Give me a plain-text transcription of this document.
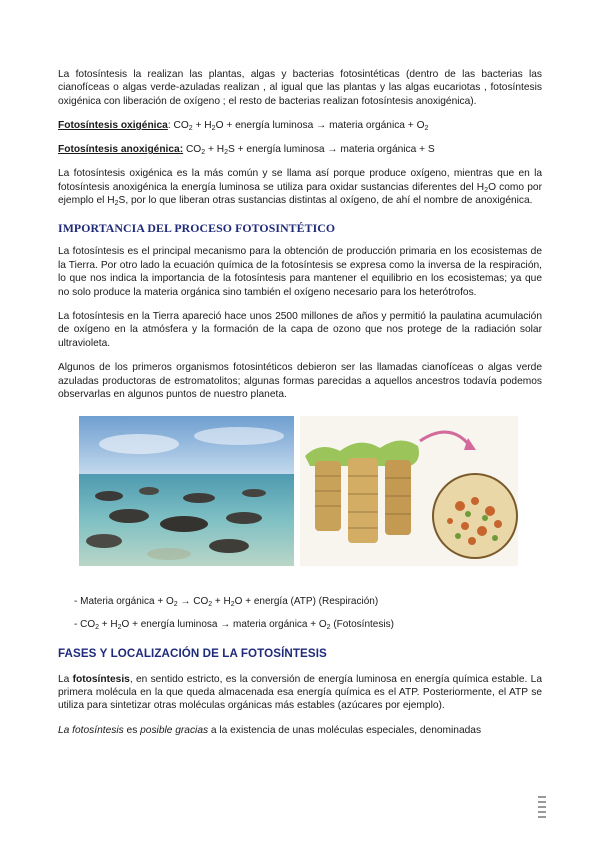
La fotosíntesis la realizan las plantas, algas y bacterias fotosintéticas (dentro de las bacterias las cianofíceas o algas verde-azuladas realizan , al igual que las plantas y las algas eucariotas , fotosíntesis oxigénica con liberación de oxígeno ; el resto de bacterias realizan fotosíntesis anoxigénica).

Fotosíntesis oxigénica: $CO_2 + H_2O$ + energía luminosa → materia orgánica + $O_2$
Fotosíntesis anoxigénica: $CO_2 + H_2S$ + energía luminosa → materia orgánica + S

La fotosíntesis oxigénica es la más común y se llama así porque produce oxígeno, mientras que en la fotosíntesis anoxigénica la energía luminosa se utiliza para oxidar sustancias diferentes del $H_2O$ como por ejemplo el $H_2S$, por lo que liberan otras sustancias distintas al oxígeno, de ahí el nombre de anoxigénica.

IMPORTANCIA DEL PROCESO FOTOSINTÉTICO

La fotosíntesis es el principal mecanismo para la obtención de producción primaria en los ecosistemas de la Tierra. Por otro lado la ecuación química de la fotosíntesis se expresa como la inversa de la respiración, lo que nos indica la importancia de la fotosíntesis para mantener el equilibrio en los ecosistemas; ya que no solo produce la materia orgánica sino también el oxígeno necesario para los heterótrofos.

La fotosíntesis en la Tierra apareció hace unos 2500 millones de años y permitió la paulatina acumulación de oxígeno en la atmósfera y la formación de la capa de ozono que nos protege de la radiación solar ultravioleta.

Algunos de los primeros organismos fotosintéticos debieron ser las llamadas cianofíceas o algas verde azuladas productoras de estromatolitos; algunas formas parecidas a aquellos ancestros todavía podemos observarlas en algunos puntos de nuestro planeta.

- Materia orgánica + $O_2 \to CO_2 + H_2O$ + energía (ATP) (Respiración)
- $CO_2 + H_2O$ + energía luminosa → materia orgánica + $O_2$ (Fotosíntesis)
FASES Y LOCALIZACIÓN DE LA FOTOSÍNTESIS

La fotosíntesis, en sentido estricto, es la conversión de energía luminosa en energía química estable. La primera molécula en la que queda almacenada esa energía química es el ATP. Posteriormente, el ATP se utiliza para sintetizar otras moléculas orgánicas más estables (azúcares por ejemplo).

La fotosíntesis es posible gracias a la existencia de unas moléculas especiales, denominadas
